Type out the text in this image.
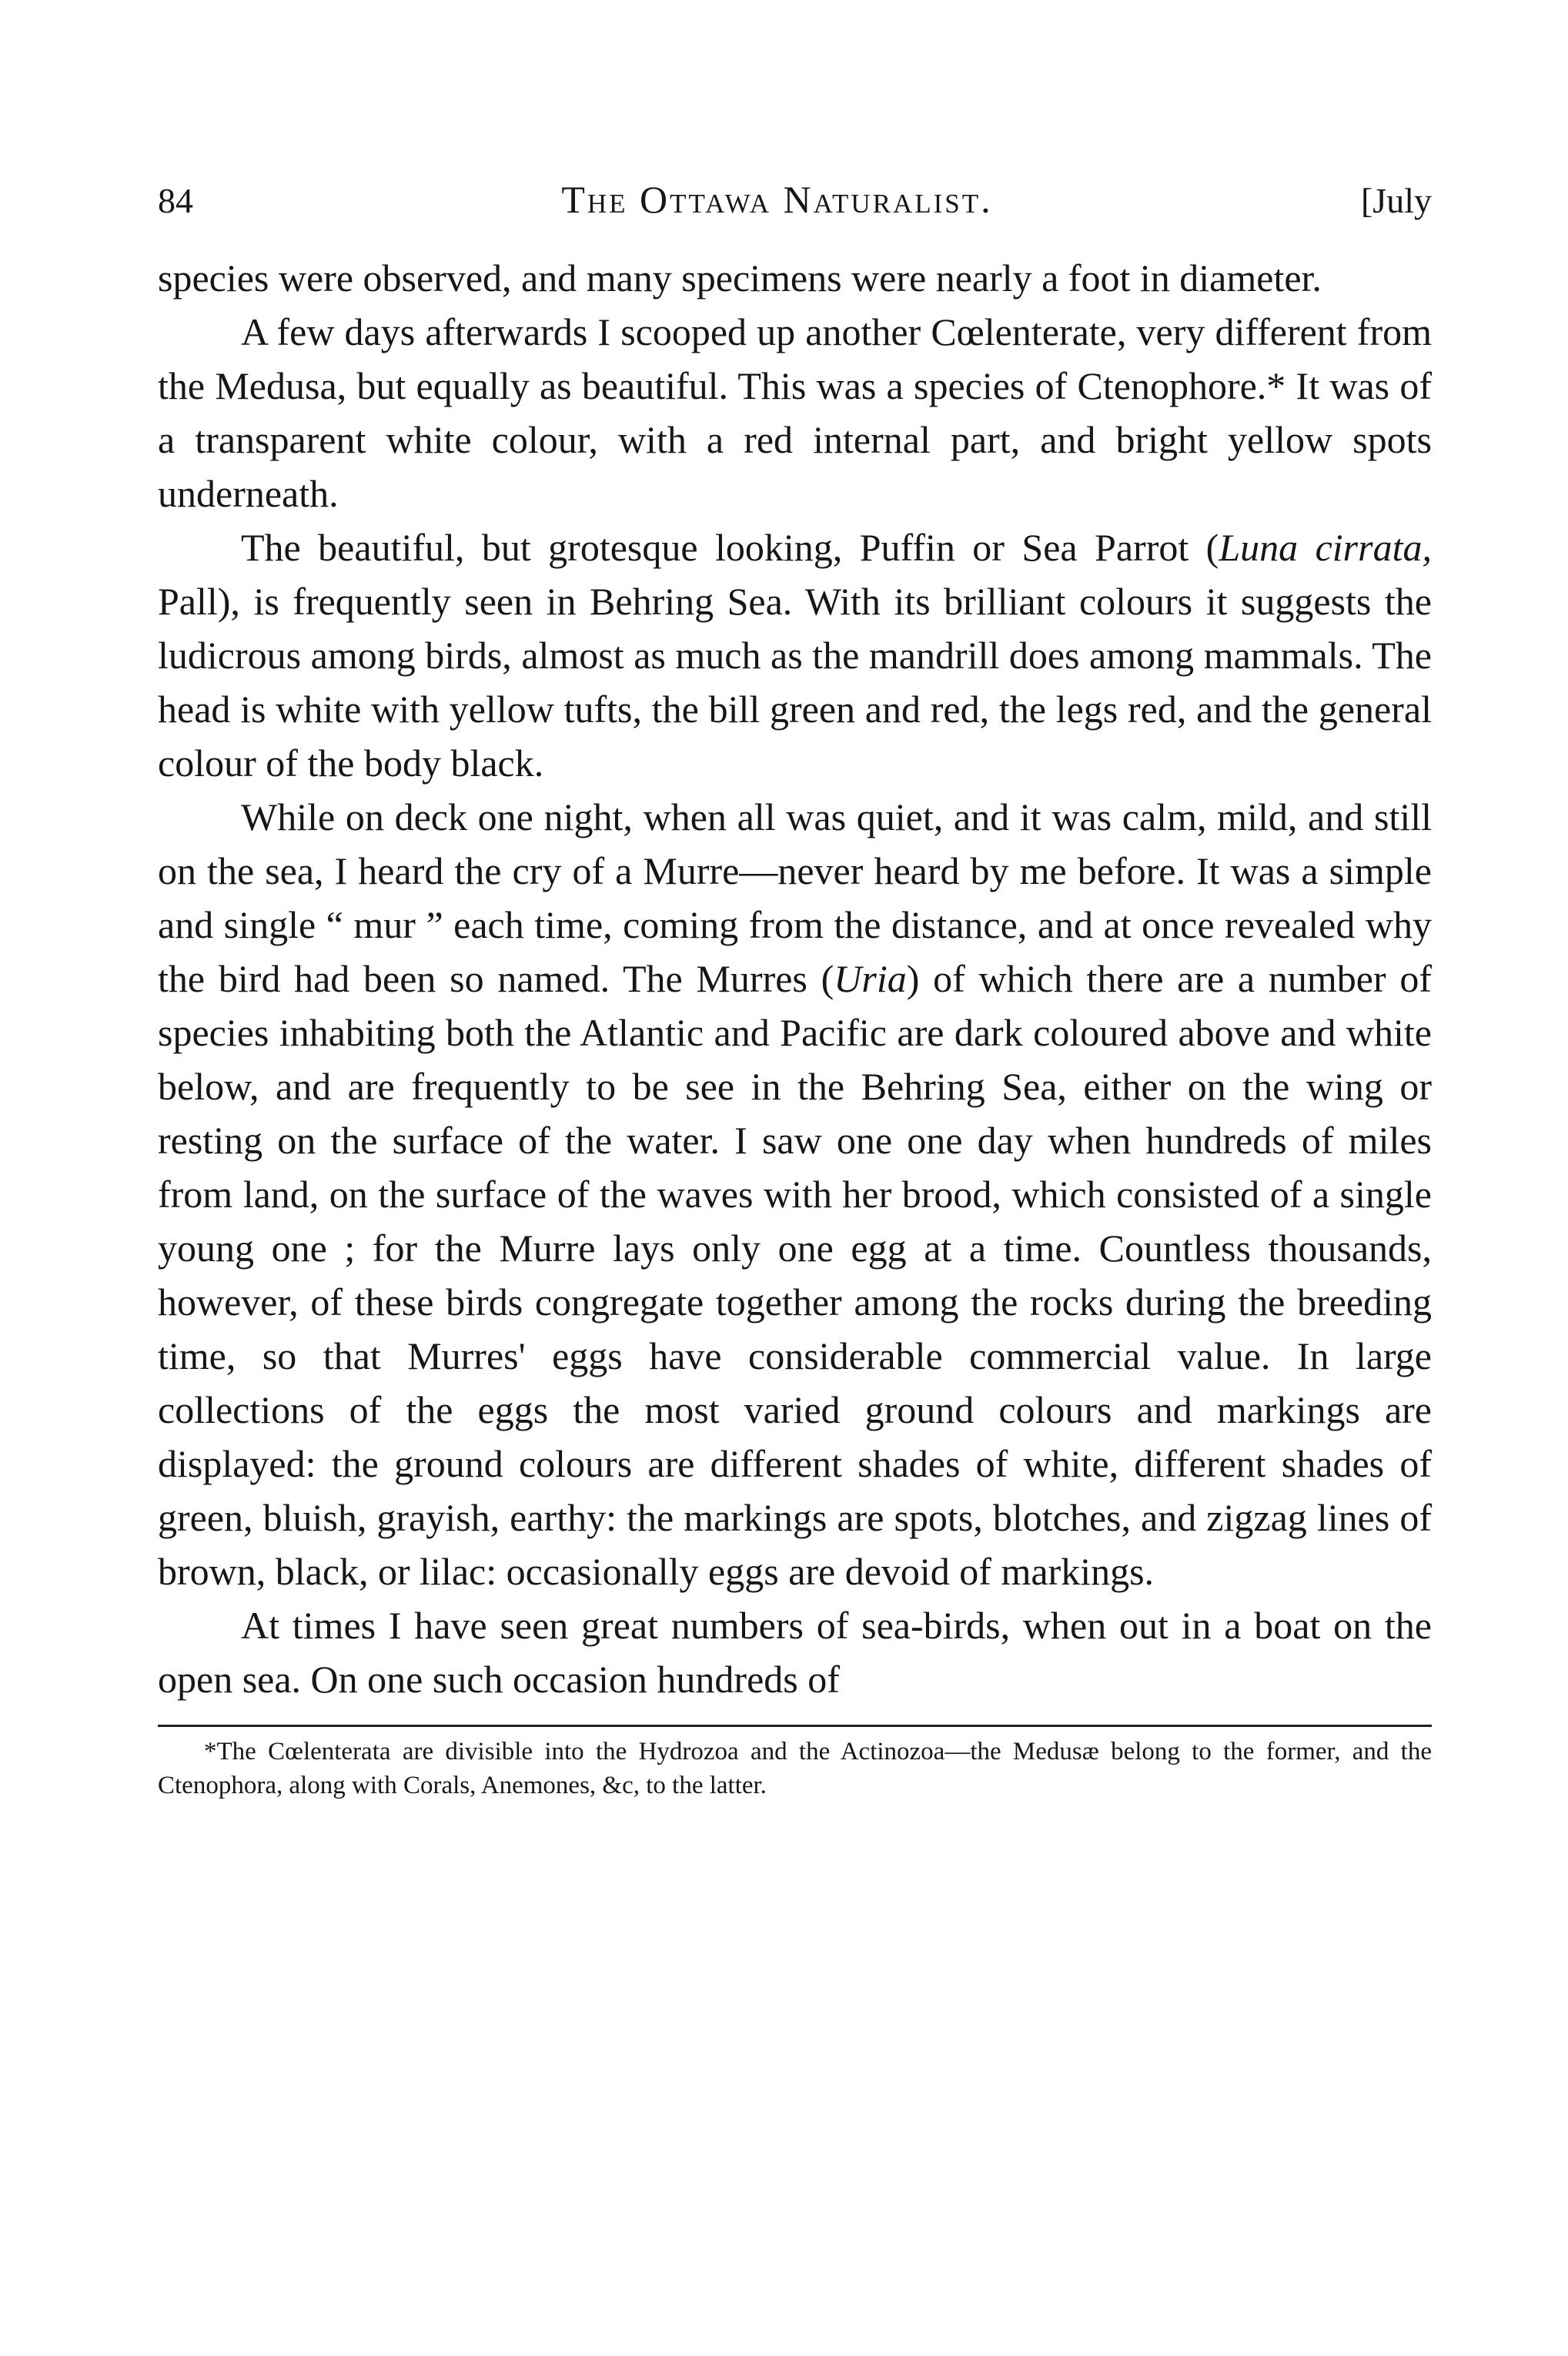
84	The Ottawa Naturalist.	[July

species were observed, and many specimens were nearly a foot in diameter.

A few days afterwards I scooped up another Cœlenterate, very different from the Medusa, but equally as beautiful. This was a species of Ctenophore.* It was of a transparent white colour, with a red internal part, and bright yellow spots underneath.

The beautiful, but grotesque looking, Puffin or Sea Parrot (Luna cirrata, Pall), is frequently seen in Behring Sea. With its brilliant colours it suggests the ludicrous among birds, almost as much as the mandrill does among mammals. The head is white with yellow tufts, the bill green and red, the legs red, and the general colour of the body black.

While on deck one night, when all was quiet, and it was calm, mild, and still on the sea, I heard the cry of a Murre—never heard by me before. It was a simple and single “ mur ” each time, coming from the distance, and at once revealed why the bird had been so named. The Murres (Uria) of which there are a number of species inhabiting both the Atlantic and Pacific are dark coloured above and white below, and are frequently to be see in the Behring Sea, either on the wing or resting on the surface of the water. I saw one one day when hundreds of miles from land, on the surface of the waves with her brood, which consisted of a single young one ; for the Murre lays only one egg at a time. Countless thousands, however, of these birds congregate together among the rocks during the breeding time, so that Murres' eggs have considerable commercial value. In large collections of the eggs the most varied ground colours and markings are displayed: the ground colours are different shades of white, different shades of green, bluish, grayish, earthy: the markings are spots, blotches, and zigzag lines of brown, black, or lilac: occasionally eggs are devoid of markings.

At times I have seen great numbers of sea-birds, when out in a boat on the open sea. On one such occasion hundreds of

*The Cœlenterata are divisible into the Hydrozoa and the Actinozoa—the Medusæ belong to the former, and the Ctenophora, along with Corals, Anemones, &c, to the latter.
